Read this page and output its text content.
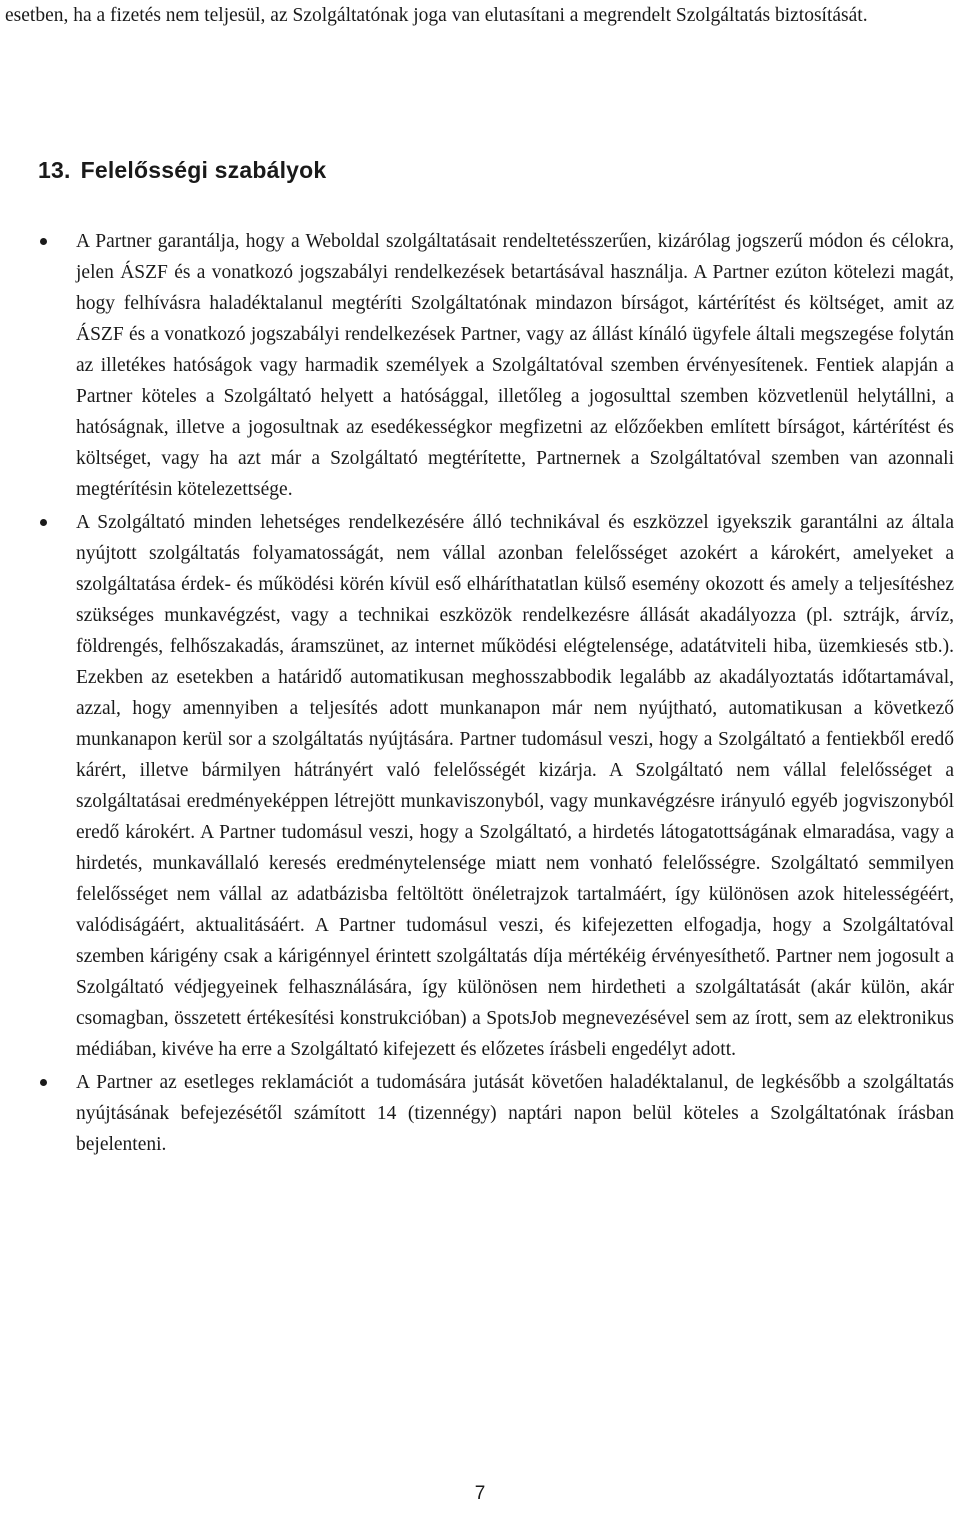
esetben, ha a fizetés nem teljesül, az Szolgáltatónak joga van elutasítani a megrendelt Szolgáltatás biztosítását.

13. Felelősségi szabályok

A Partner garantálja, hogy a Weboldal szolgáltatásait rendeltetésszerűen, kizárólag jogszerű módon és célokra, jelen ÁSZF és a vonatkozó jogszabályi rendelkezések betartásával használja. A Partner ezúton kötelezi magát, hogy felhívásra haladéktalanul megtéríti Szolgáltatónak mindazon bírságot, kártérítést és költséget, amit az ÁSZF és a vonatkozó jogszabályi rendelkezések Partner, vagy az állást kínáló ügyfele általi megszegése folytán az illetékes hatóságok vagy harmadik személyek a Szolgáltatóval szemben érvényesítenek. Fentiek alapján a Partner köteles a Szolgáltató helyett a hatósággal, illetőleg a jogosulttal szemben közvetlenül helytállni, a hatóságnak, illetve a jogosultnak az esedékességkor megfizetni az előzőekben említett bírságot, kártérítést és költséget, vagy ha azt már a Szolgáltató megtérítette, Partnernek a Szolgáltatóval szemben van azonnali megtérítésin kötelezettsége.

A Szolgáltató minden lehetséges rendelkezésére álló technikával és eszközzel igyekszik garantálni az általa nyújtott szolgáltatás folyamatosságát, nem vállal azonban felelősséget azokért a károkért, amelyeket a szolgáltatása érdek- és működési körén kívül eső elháríthatatlan külső esemény okozott és amely a teljesítéshez szükséges munkavégzést, vagy a technikai eszközök rendelkezésre állását akadályozza (pl. sztrájk, árvíz, földrengés, felhőszakadás, áramszünet, az internet működési elégtelensége, adatátviteli hiba, üzemkiesés stb.). Ezekben az esetekben a határidő automatikusan meghosszabbodik legalább az akadályoztatás időtartamával, azzal, hogy amennyiben a teljesítés adott munkanapon már nem nyújtható, automatikusan a következő munkanapon kerül sor a szolgáltatás nyújtására. Partner tudomásul veszi, hogy a Szolgáltató a fentiekből eredő kárért, illetve bármilyen hátrányért való felelősségét kizárja. A Szolgáltató nem vállal felelősséget a szolgáltatásai eredményeképpen létrejött munkaviszonyból, vagy munkavégzésre irányuló egyéb jogviszonyból eredő károkért. A Partner tudomásul veszi, hogy a Szolgáltató, a hirdetés látogatottságának elmaradása, vagy a hirdetés, munkavállaló keresés eredménytelensége miatt nem vonható felelősségre. Szolgáltató semmilyen felelősséget nem vállal az adatbázisba feltöltött önéletrajzok tartalmáért, így különösen azok hitelességéért, valódiságáért, aktualitásáért. A Partner tudomásul veszi, és kifejezetten elfogadja, hogy a Szolgáltatóval szemben kárigény csak a kárigénnyel érintett szolgáltatás díja mértékéig érvényesíthető. Partner nem jogosult a Szolgáltató védjegyeinek felhasználására, így különösen nem hirdetheti a szolgáltatását (akár külön, akár csomagban, összetett értékesítési konstrukcióban) a SpotsJob megnevezésével sem az írott, sem az elektronikus médiában, kivéve ha erre a Szolgáltató kifejezett és előzetes írásbeli engedélyt adott.

A Partner az esetleges reklamációt a tudomására jutását követően haladéktalanul, de legkésőbb a szolgáltatás nyújtásának befejezésétől számított 14 (tizennégy) naptári napon belül köteles a Szolgáltatónak írásban bejelenteni.

7
